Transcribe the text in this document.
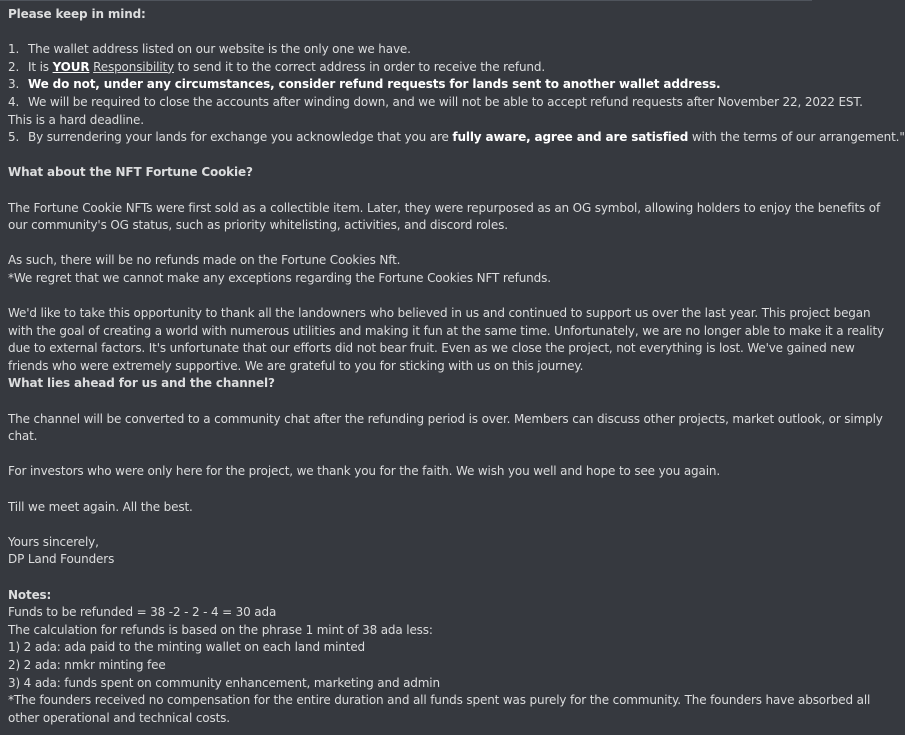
Please keep in mind:
1. The wallet address listed on our website is the only one we have.
2. It is YOUR Responsibility to send it to the correct address in order to receive the refund.
3. We do not, under any circumstances, consider refund requests for lands sent to another wallet address.
4. We will be required to close the accounts after winding down, and we will not be able to accept refund requests after November 22, 2022 EST.
This is a hard deadline.
5. By surrendering your lands for exchange you acknowledge that you are fully aware, agree and are satisfied with the terms of our arrangement."
What about the NFT Fortune Cookie?
The Fortune Cookie NFTs were first sold as a collectible item. Later, they were repurposed as an OG symbol, allowing holders to enjoy the benefits of
our community's OG status, such as priority whitelisting, activities, and discord roles.
As such, there will be no refunds made on the Fortune Cookies Nft.
*We regret that we cannot make any exceptions regarding the Fortune Cookies NFT refunds.
We'd like to take this opportunity to thank all the landowners who believed in us and continued to support us over the last year. This project began
with the goal of creating a world with numerous utilities and making it fun at the same time. Unfortunately, we are no longer able to make it a reality
due to external factors. It's unfortunate that our efforts did not bear fruit. Even as we close the project, not everything is lost. We've gained new
friends who were extremely supportive. We are grateful to you for sticking with us on this journey.
What lies ahead for us and the channel?
The channel will be converted to a community chat after the refunding period is over. Members can discuss other projects, market outlook, or simply
chat.
For investors who were only here for the project, we thank you for the faith. We wish you well and hope to see you again.
Till we meet again. All the best.
Yours sincerely,
DP Land Founders
Notes:
Funds to be refunded = 38 -2 - 2 - 4 = 30 ada
The calculation for refunds is based on the phrase 1 mint of 38 ada less:
1) 2 ada: ada paid to the minting wallet on each land minted
2) 2 ada: nmkr minting fee
3) 4 ada: funds spent on community enhancement, marketing and admin
*The founders received no compensation for the entire duration and all funds spent was purely for the community. The founders have absorbed all
other operational and technical costs.
